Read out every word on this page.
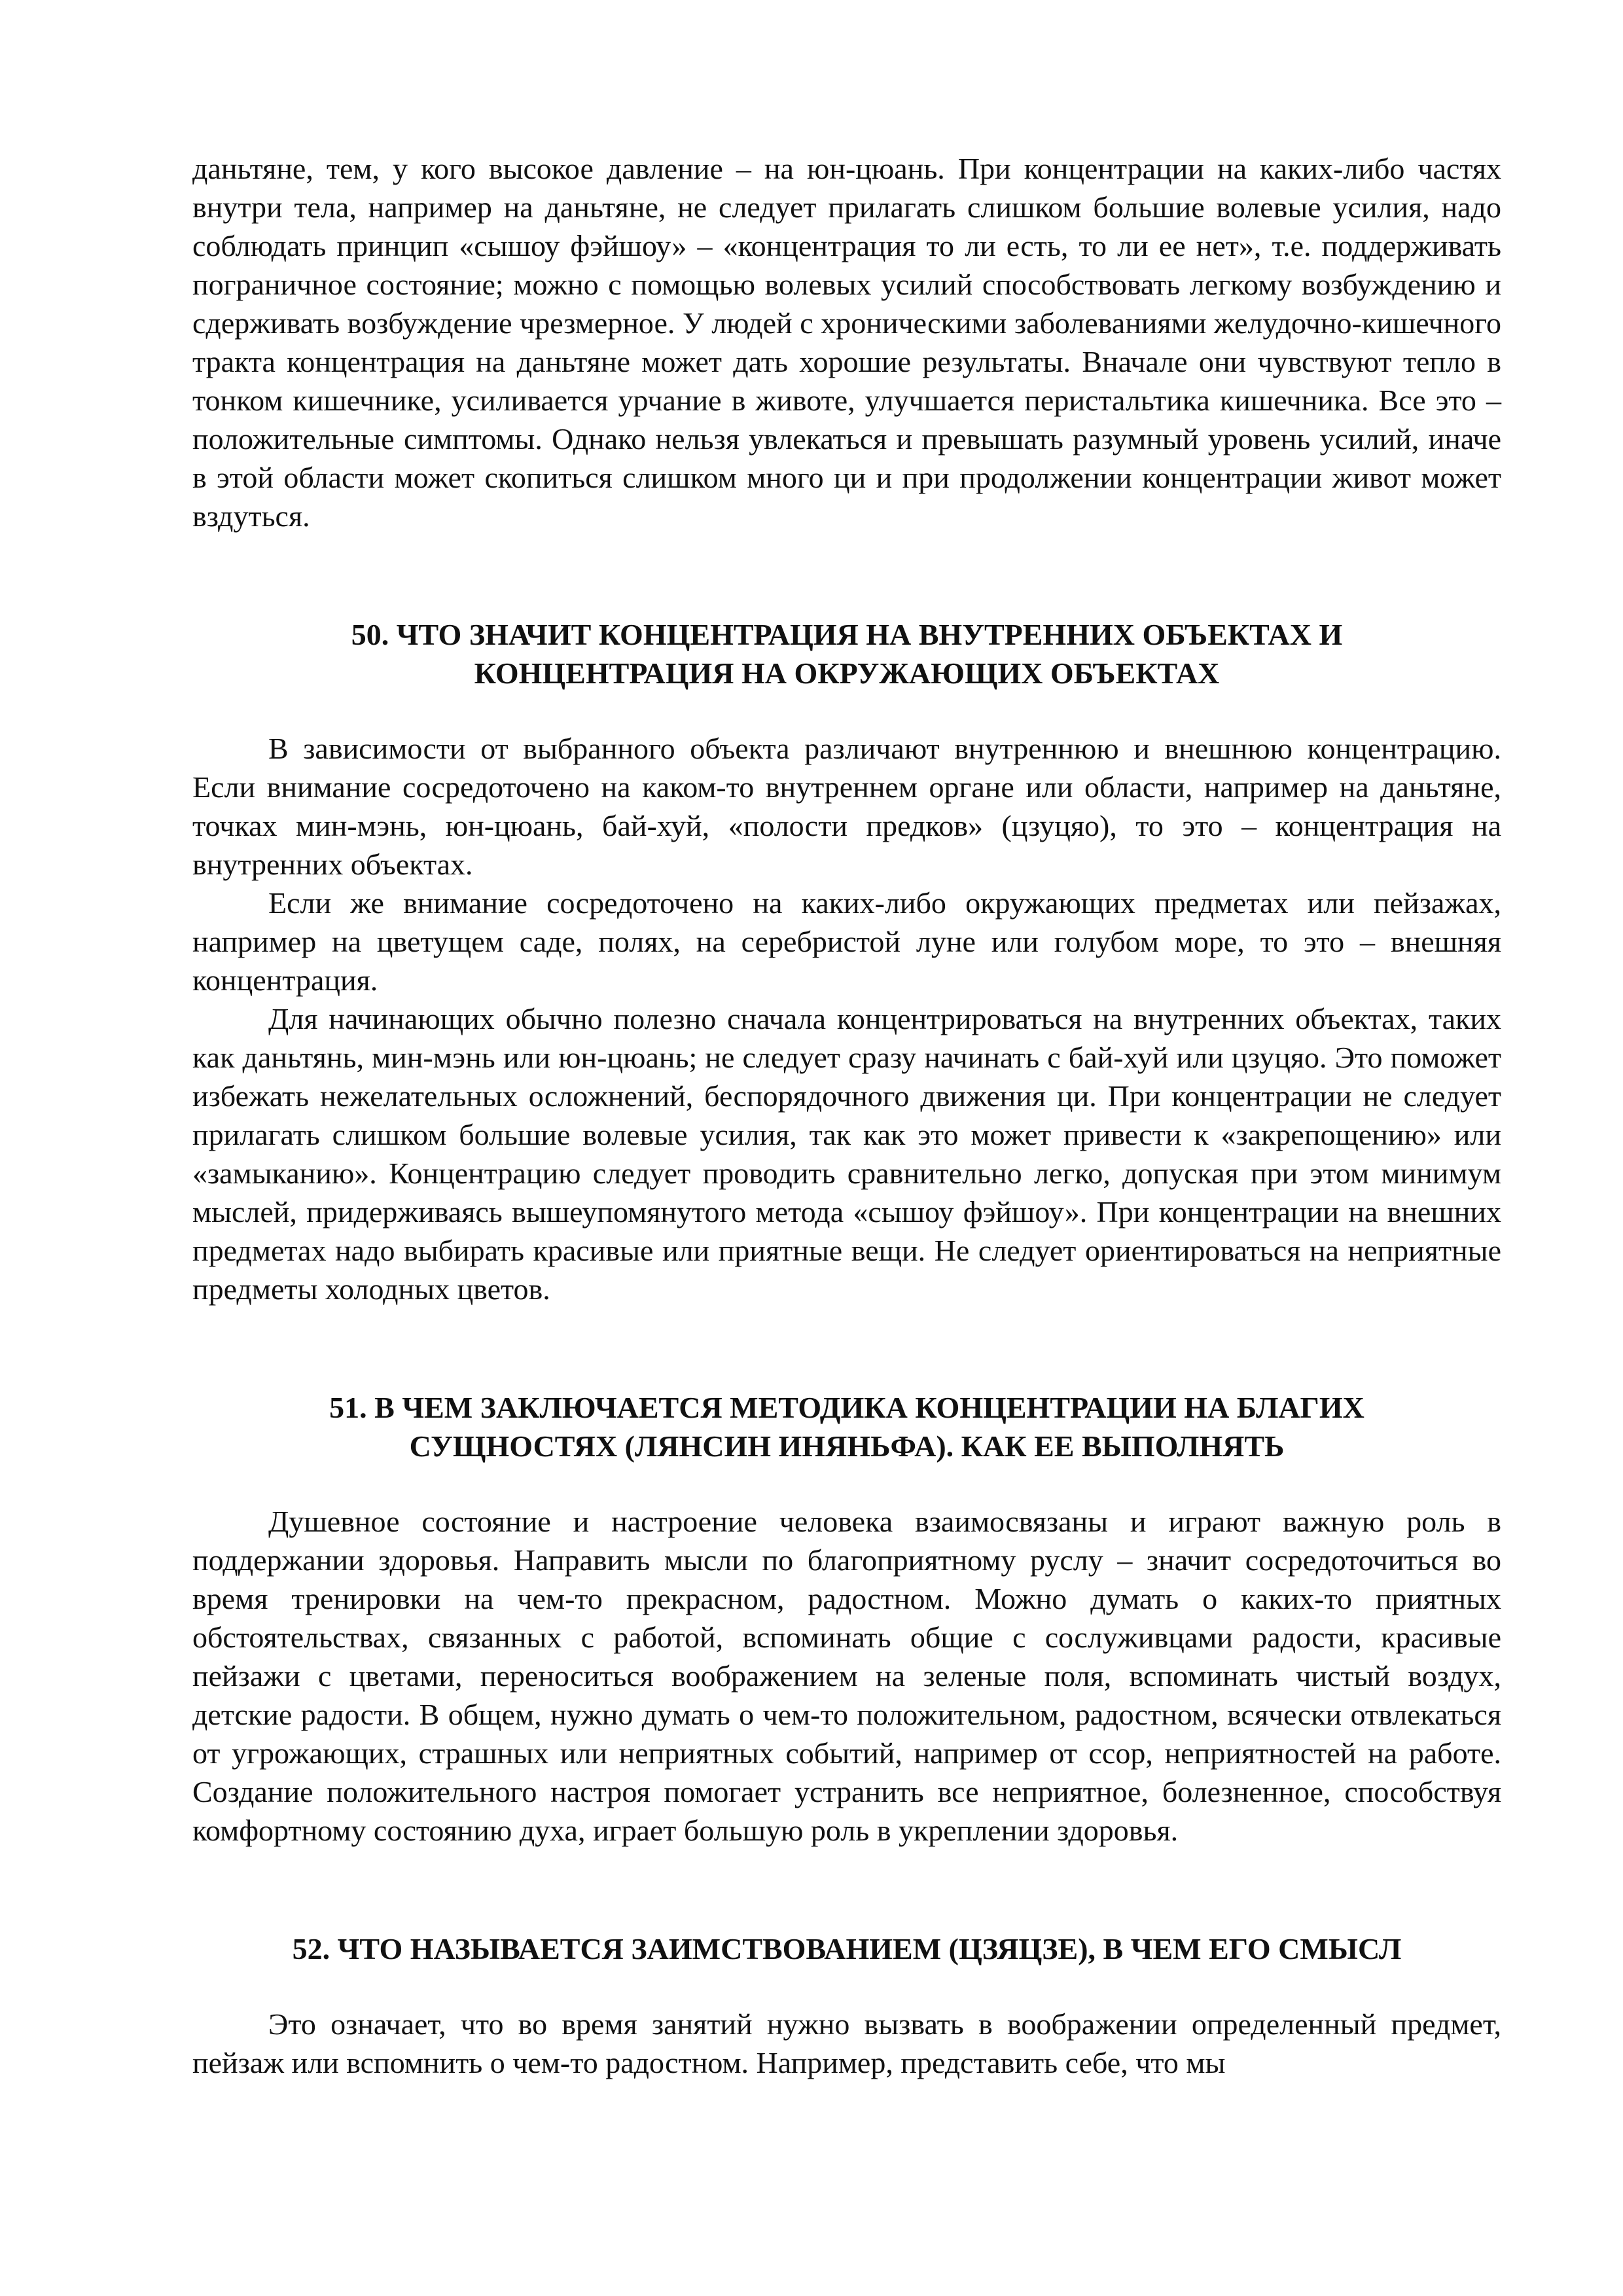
даньтяне, тем, у кого высокое давление – на юн-цюань. При концентрации на каких-либо частях внутри тела, например на даньтяне, не следует прилагать слишком большие волевые усилия, надо соблюдать принцип «сышоу фэйшоу» – «концентрация то ли есть, то ли ее нет», т.е. поддерживать пограничное состояние; можно с помощью волевых усилий способствовать легкому возбуждению и сдерживать возбуждение чрезмерное. У людей с хроническими заболеваниями желудочно-кишечного тракта концентрация на даньтяне может дать хорошие результаты. Вначале они чувствуют тепло в тонком кишечнике, усиливается урчание в животе, улучшается перистальтика кишечника. Все это – положительные симптомы. Однако нельзя увлекаться и превышать разумный уровень усилий, иначе в этой области может скопиться слишком много ци и при продолжении концентрации живот может вздуться.

50. ЧТО ЗНАЧИТ КОНЦЕНТРАЦИЯ НА ВНУТРЕННИХ ОБЪЕКТАХ И
КОНЦЕНТРАЦИЯ НА ОКРУЖАЮЩИХ ОБЪЕКТАХ

В зависимости от выбранного объекта различают внутреннюю и внешнюю концентрацию. Если внимание сосредоточено на каком-то внутреннем органе или области, например на даньтяне, точках мин-мэнь, юн-цюань, бай-хуй, «полости предков» (цзуцяо), то это – концентрация на внутренних объектах.

Если же внимание сосредоточено на каких-либо окружающих предметах или пейзажах, например на цветущем саде, полях, на серебристой луне или голубом море, то это – внешняя концентрация.

Для начинающих обычно полезно сначала концентрироваться на внутренних объектах, таких как даньтянь, мин-мэнь или юн-цюань; не следует сразу начинать с бай-хуй или цзуцяо. Это поможет избежать нежелательных осложнений, беспорядочного движения ци. При концентрации не следует прилагать слишком большие волевые усилия, так как это может привести к «закрепощению» или «замыканию». Концентрацию следует проводить сравнительно легко, допуская при этом минимум мыслей, придерживаясь вышеупомянутого метода «сышоу фэйшоу». При концентрации на внешних предметах надо выбирать красивые или приятные вещи. Не следует ориентироваться на неприятные предметы холодных цветов.

51. В ЧЕМ ЗАКЛЮЧАЕТСЯ МЕТОДИКА КОНЦЕНТРАЦИИ НА БЛАГИХ
СУЩНОСТЯХ (ЛЯНСИН ИНЯНЬФА). КАК ЕЕ ВЫПОЛНЯТЬ

Душевное состояние и настроение человека взаимосвязаны и играют важную роль в поддержании здоровья. Направить мысли по благоприятному руслу – значит сосредоточиться во время тренировки на чем-то прекрасном, радостном. Можно думать о каких-то приятных обстоятельствах, связанных с работой, вспоминать общие с сослуживцами радости, красивые пейзажи с цветами, переноситься воображением на зеленые поля, вспоминать чистый воздух, детские радости. В общем, нужно думать о чем-то положительном, радостном, всячески отвлекаться от угрожающих, страшных или неприятных событий, например от ссор, неприятностей на работе. Создание положительного настроя помогает устранить все неприятное, болезненное, способствуя комфортному состоянию духа, играет большую роль в укреплении здоровья.

52. ЧТО НАЗЫВАЕТСЯ ЗАИМСТВОВАНИЕМ (ЦЗЯЦЗЕ), В ЧЕМ ЕГО СМЫСЛ

Это означает, что во время занятий нужно вызвать в воображении определенный предмет, пейзаж или вспомнить о чем-то радостном. Например, представить себе, что мы
